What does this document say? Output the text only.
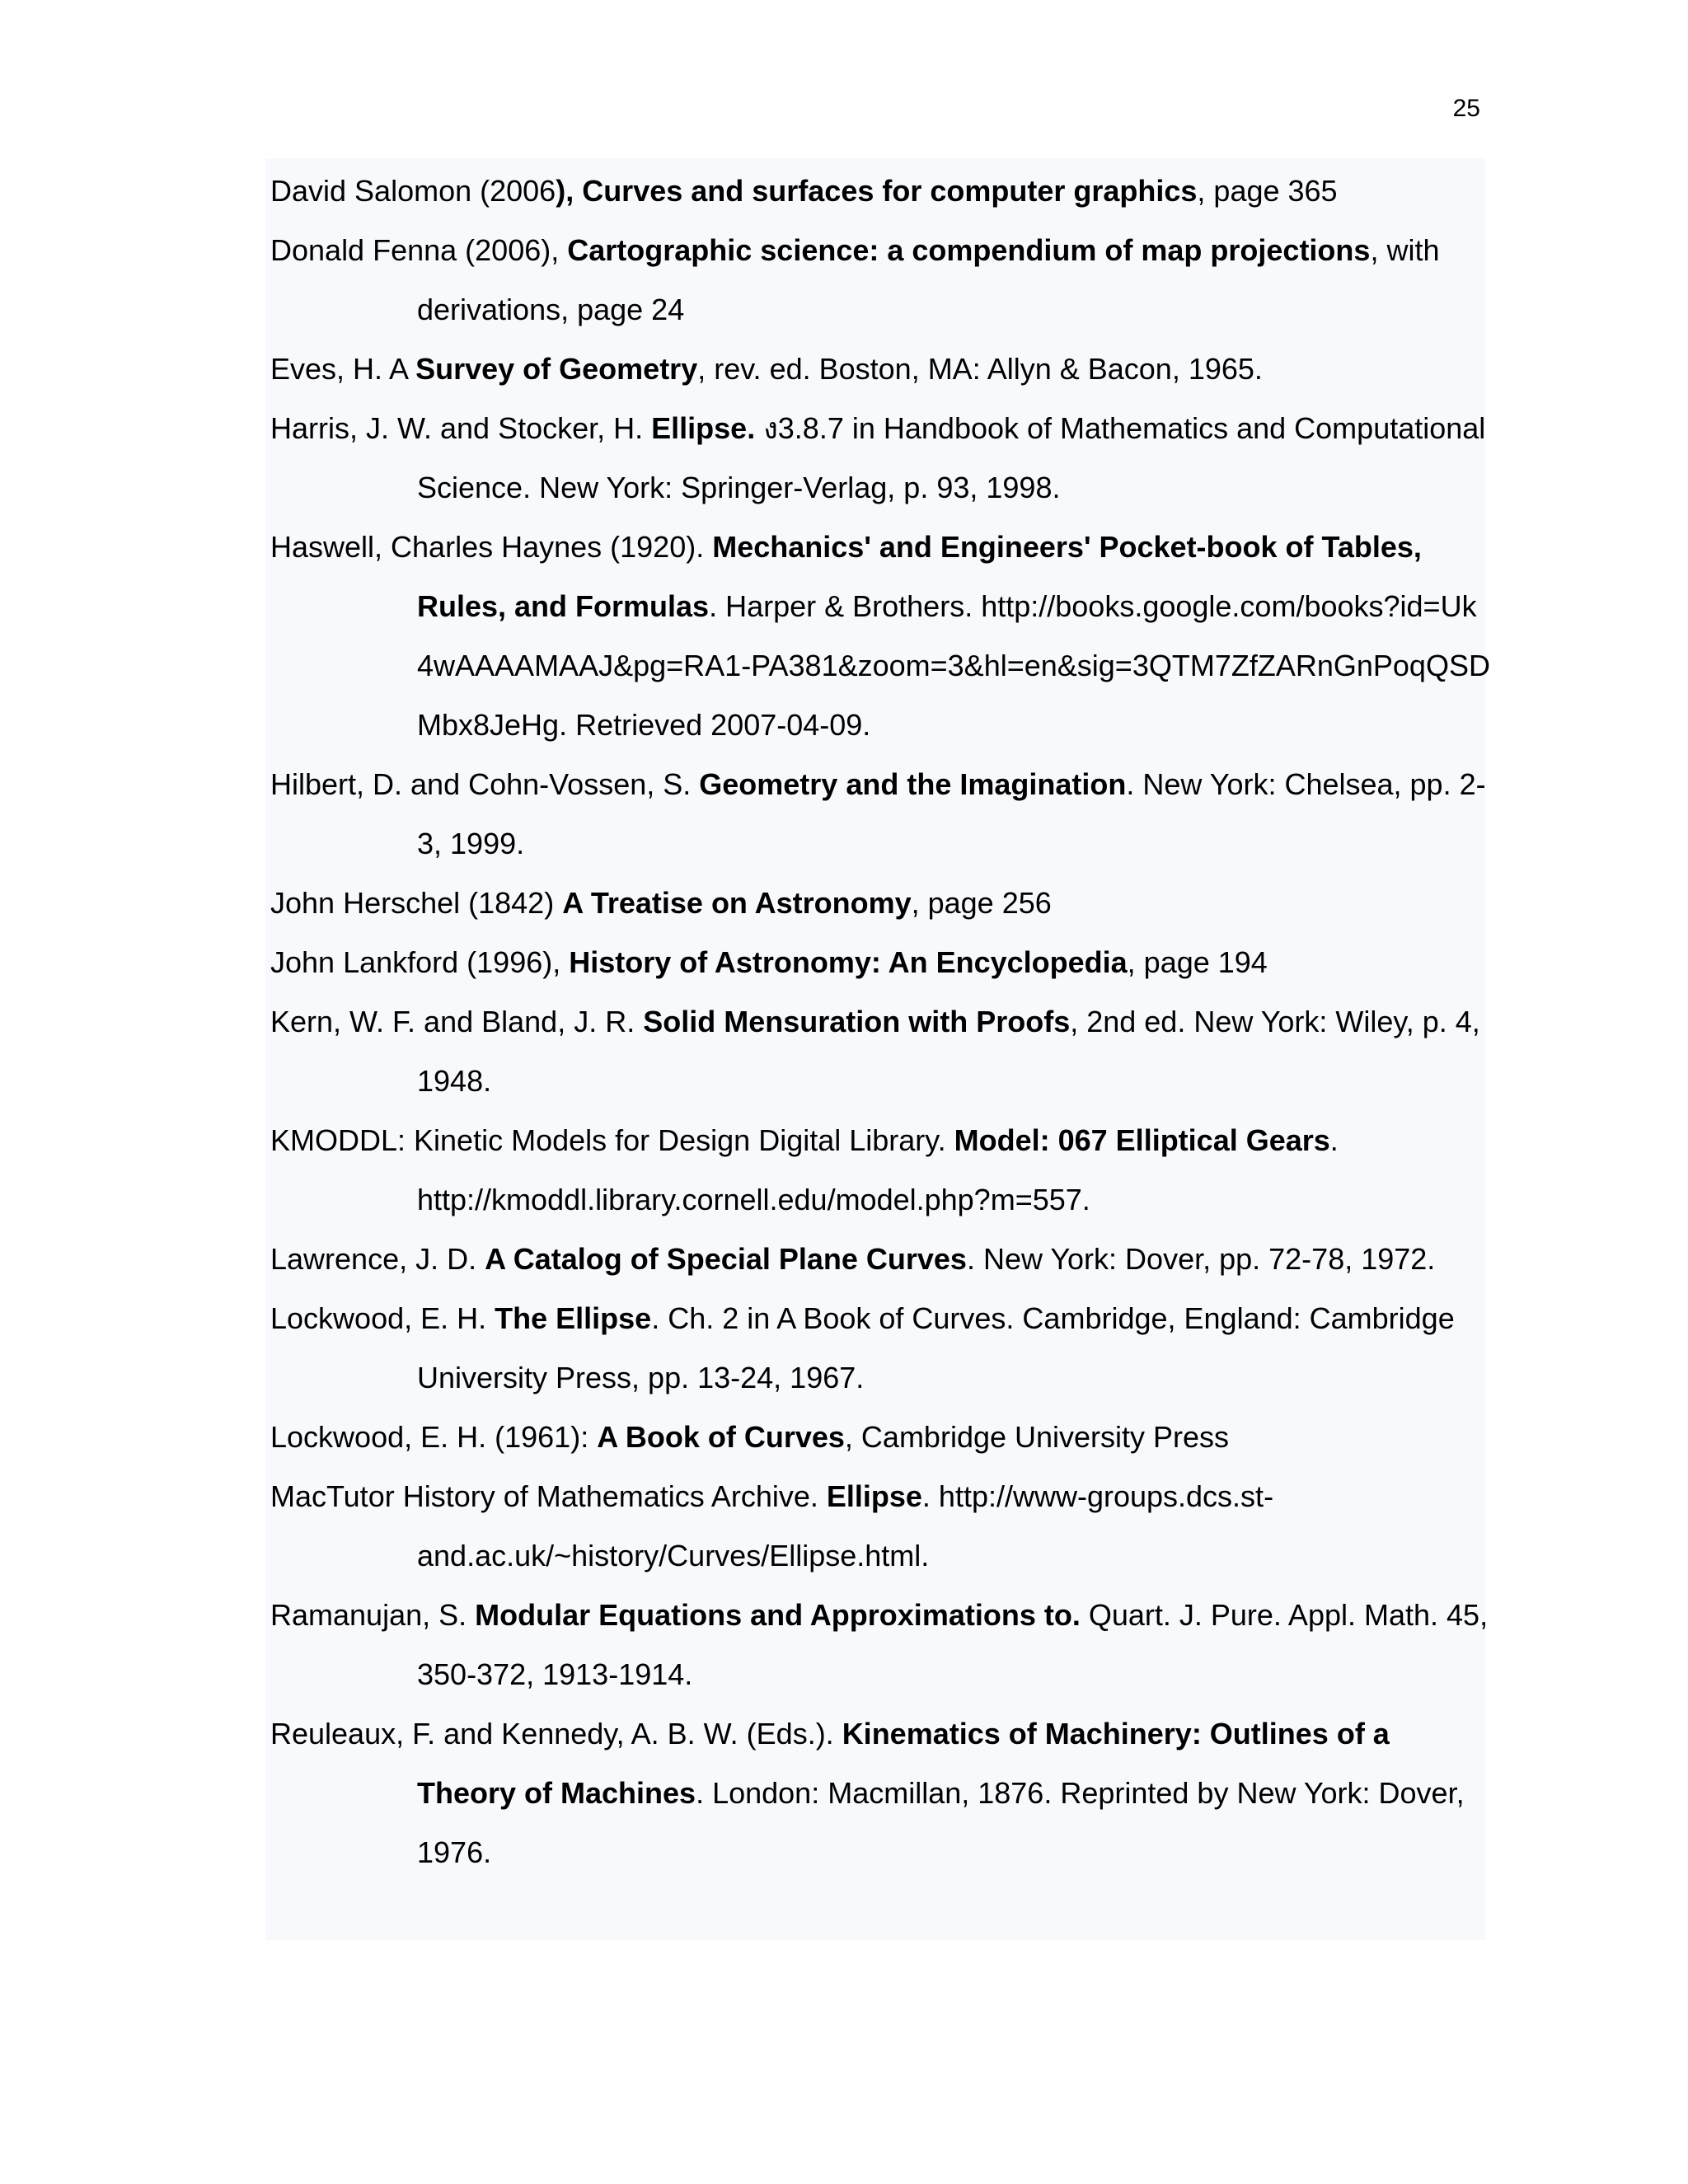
25

David Salomon (2006), Curves and surfaces for computer graphics, page 365

Donald Fenna (2006), Cartographic science: a compendium of map projections, with derivations, page 24

Eves, H. A Survey of Geometry, rev. ed. Boston, MA: Allyn & Bacon, 1965.

Harris, J. W. and Stocker, H. Ellipse. ง3.8.7 in Handbook of Mathematics and Computational Science. New York: Springer-Verlag, p. 93, 1998.

Haswell, Charles Haynes (1920). Mechanics' and Engineers' Pocket-book of Tables, Rules, and Formulas. Harper & Brothers. http://books.google.com/books?id=Uk4wAAAAMAAJ&pg=RA1-PA381&zoom=3&hl=en&sig=3QTM7ZfZARnGnPoqQSDMbx8JeHg. Retrieved 2007-04-09.

Hilbert, D. and Cohn-Vossen, S. Geometry and the Imagination. New York: Chelsea, pp. 2-3, 1999.

John Herschel (1842) A Treatise on Astronomy, page 256

John Lankford (1996), History of Astronomy: An Encyclopedia, page 194

Kern, W. F. and Bland, J. R. Solid Mensuration with Proofs, 2nd ed. New York: Wiley, p. 4, 1948.

KMODDL: Kinetic Models for Design Digital Library. Model: 067 Elliptical Gears. http://kmoddl.library.cornell.edu/model.php?m=557.

Lawrence, J. D. A Catalog of Special Plane Curves. New York: Dover, pp. 72-78, 1972.

Lockwood, E. H. The Ellipse. Ch. 2 in A Book of Curves. Cambridge, England: Cambridge University Press, pp. 13-24, 1967.

Lockwood, E. H. (1961): A Book of Curves, Cambridge University Press

MacTutor History of Mathematics Archive. Ellipse. http://www-groups.dcs.st-and.ac.uk/~history/Curves/Ellipse.html.

Ramanujan, S. Modular Equations and Approximations to. Quart. J. Pure. Appl. Math. 45, 350-372, 1913-1914.

Reuleaux, F. and Kennedy, A. B. W. (Eds.). Kinematics of Machinery: Outlines of a Theory of Machines. London: Macmillan, 1876. Reprinted by New York: Dover, 1976.
